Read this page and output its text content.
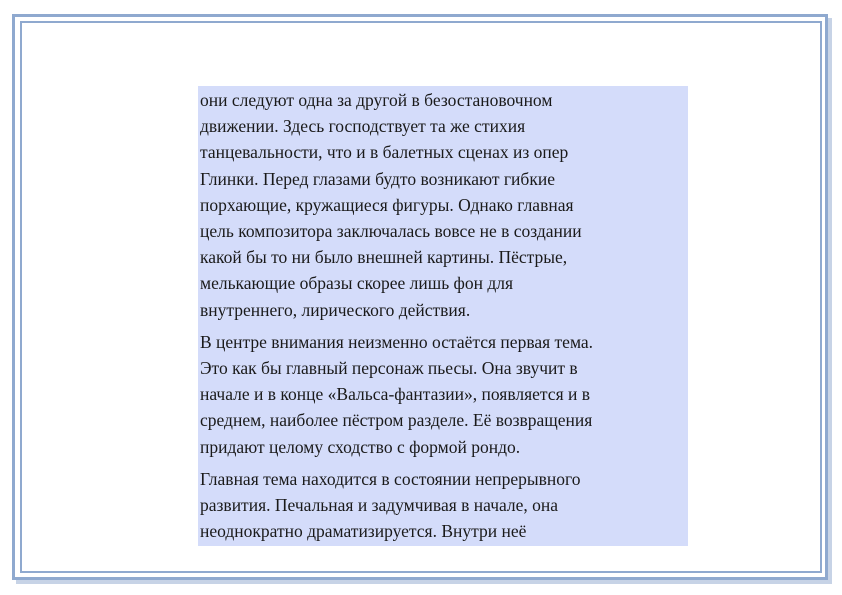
они следуют одна за другой в безостановочном
движении. Здесь господствует та же стихия
танцевальности, что и в балетных сценах из опер
Глинки. Перед глазами будто возникают гибкие
порхающие, кружащиеся фигуры. Однако главная
цель композитора заключалась вовсе не в создании
какой бы то ни было внешней картины. Пёстрые,
мелькающие образы скорее лишь фон для
внутреннего, лирического действия.

В центре внимания неизменно остаётся первая тема.
Это как бы главный персонаж пьесы. Она звучит в
начале и в конце «Вальса-фантазии», появляется и в
среднем, наиболее пёстром разделе. Её возвращения
придают целому сходство с формой рондо.

Главная тема находится в состоянии непрерывного
развития. Печальная и задумчивая в начале, она
неоднократно драматизируется. Внутри неё
